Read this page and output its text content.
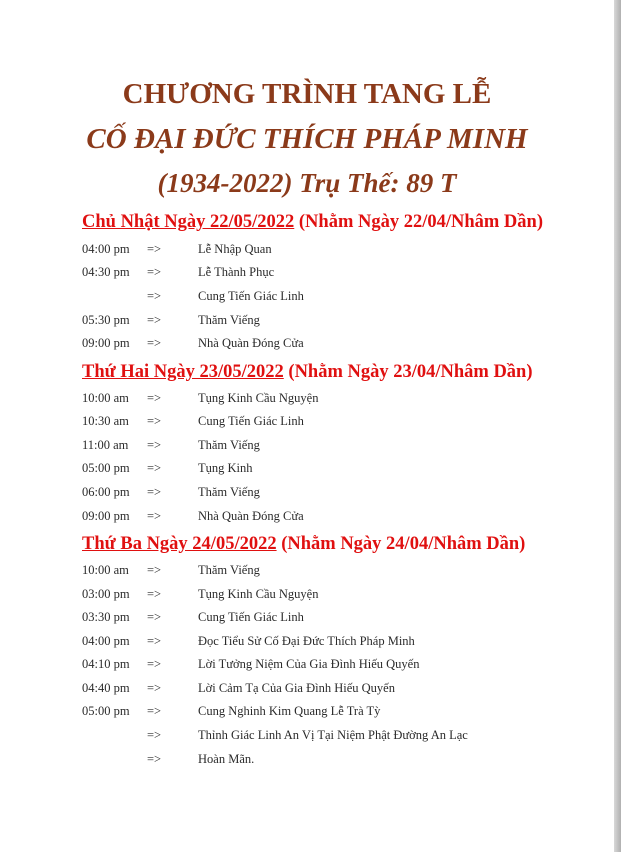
CHƯƠNG TRÌNH TANG LỄ
CỐ ĐẠI ĐỨC THÍCH PHÁP MINH
(1934-2022) Trụ Thế: 89 T
Chủ Nhật Ngày 22/05/2022 (Nhằm Ngày 22/04/Nhâm Dần)
04:00 pm =>	Lễ Nhập Quan
04:30 pm =>	Lễ Thành Phục
=>	Cung Tiến Giác Linh
05:30 pm =>	Thăm Viếng
09:00 pm =>	Nhà Quàn Đóng Cửa
Thứ Hai Ngày 23/05/2022 (Nhằm Ngày 23/04/Nhâm Dần)
10:00 am =>	Tụng Kinh Cầu Nguyện
10:30 am =>	Cung Tiến Giác Linh
11:00 am =>	Thăm Viếng
05:00 pm =>	Tụng Kinh
06:00 pm =>	Thăm Viếng
09:00 pm =>	Nhà Quàn Đóng Cửa
Thứ Ba Ngày 24/05/2022 (Nhằm Ngày 24/04/Nhâm Dần)
10:00 am =>	Thăm Viếng
03:00 pm =>	Tụng Kinh Cầu Nguyện
03:30 pm =>	Cung Tiến Giác Linh
04:00 pm =>	Đọc Tiểu Sử Cố Đại Đức Thích Pháp Minh
04:10 pm =>	Lời Tưởng Niệm Của Gia Đình Hiếu Quyến
04:40 pm =>	Lời Cảm Tạ Của Gia Đình Hiếu Quyến
05:00 pm =>	Cung Nghinh Kim Quang Lễ Trà Tỳ
=>	Thỉnh Giác Linh An Vị Tại Niệm Phật Đường An Lạc
=>	Hoàn Mãn.
